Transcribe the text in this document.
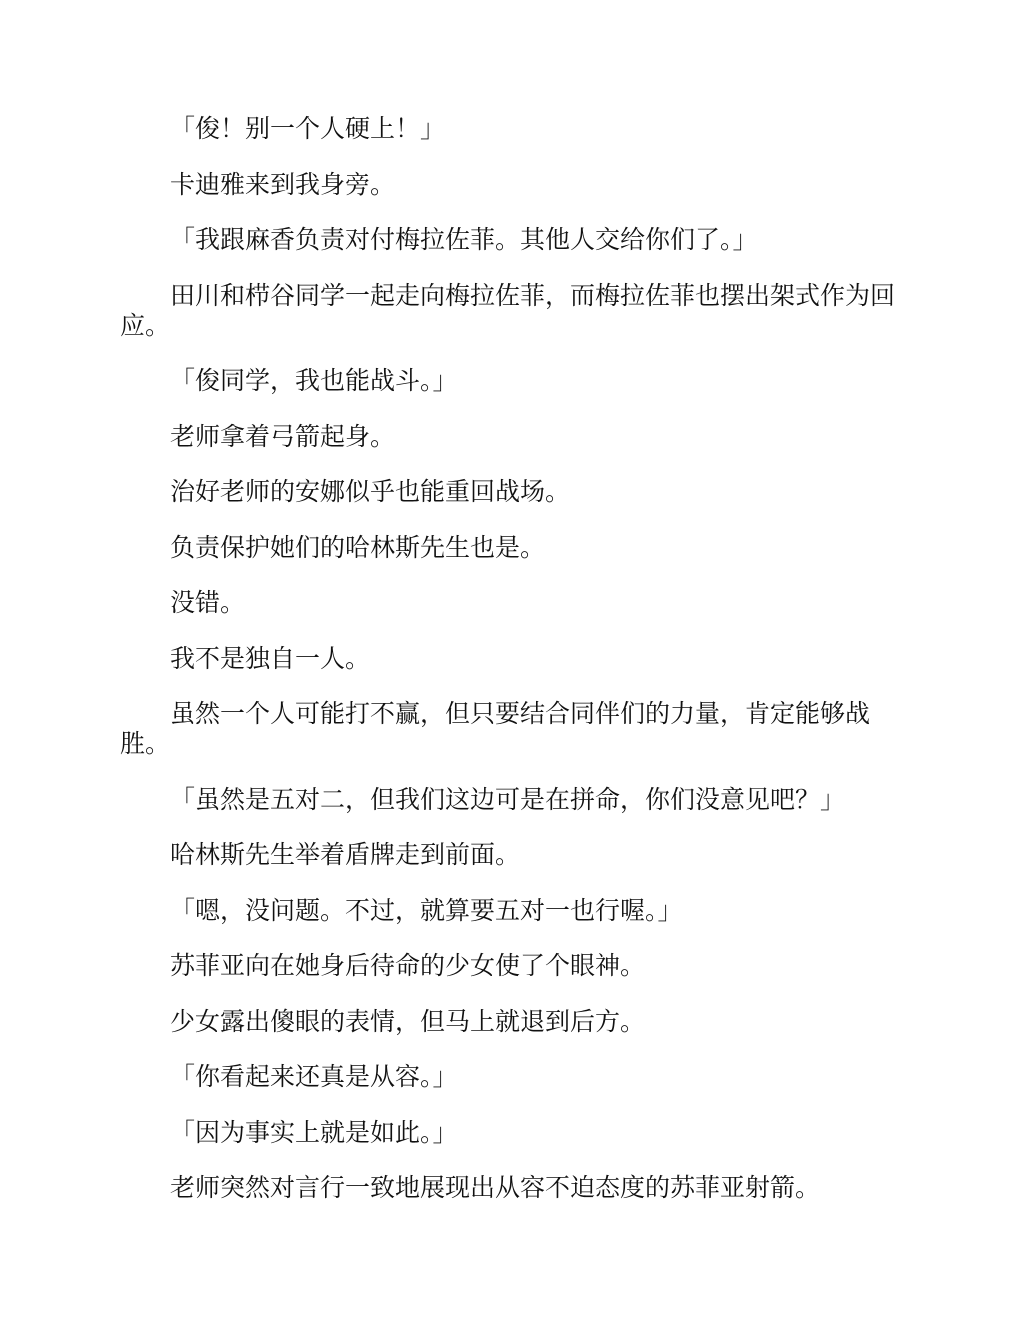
「俊！别一个人硬上！」

卡迪雅来到我身旁。

「我跟麻香负责对付梅拉佐菲。其他人交给你们了。」

田川和栉谷同学一起走向梅拉佐菲，而梅拉佐菲也摆出架式作为回应。

「俊同学，我也能战斗。」

老师拿着弓箭起身。

治好老师的安娜似乎也能重回战场。

负责保护她们的哈林斯先生也是。

没错。

我不是独自一人。

虽然一个人可能打不赢，但只要结合同伴们的力量，肯定能够战胜。

「虽然是五对二，但我们这边可是在拼命，你们没意见吧？」

哈林斯先生举着盾牌走到前面。

「嗯，没问题。不过，就算要五对一也行喔。」

苏菲亚向在她身后待命的少女使了个眼神。

少女露出傻眼的表情，但马上就退到后方。

「你看起来还真是从容。」

「因为事实上就是如此。」

老师突然对言行一致地展现出从容不迫态度的苏菲亚射箭。
